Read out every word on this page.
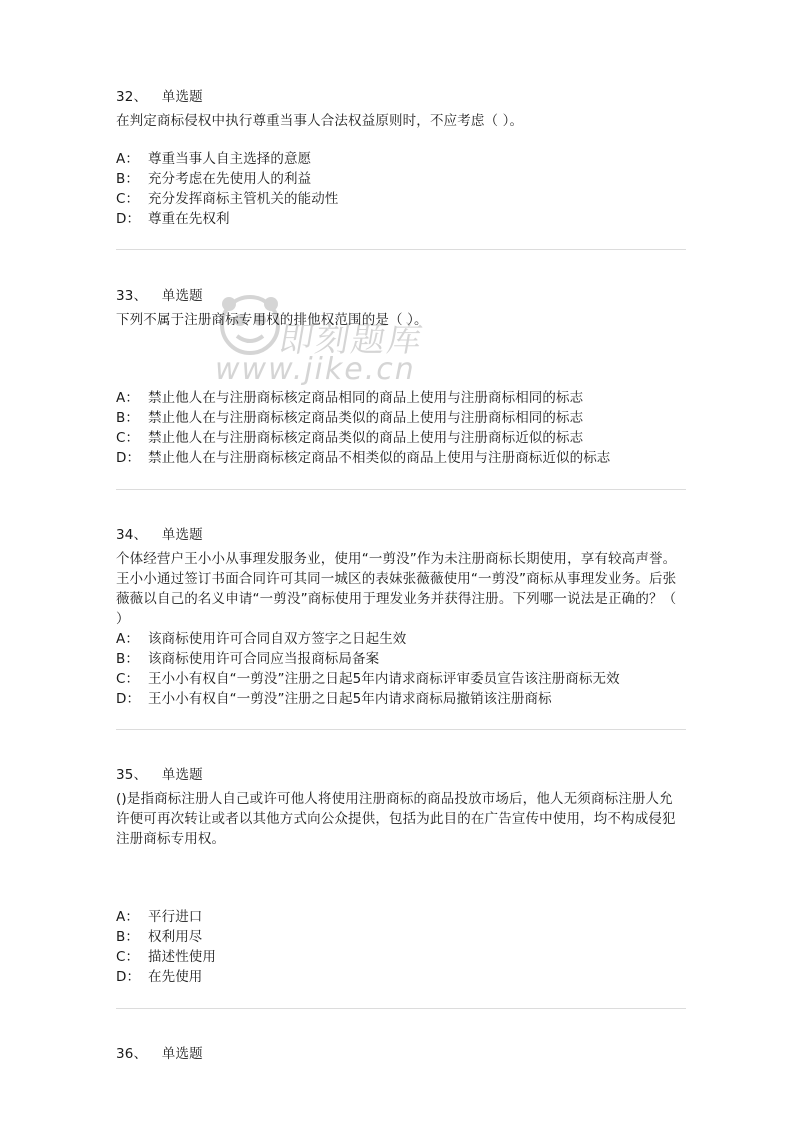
即刻题库
www.jike.cn
32、 单选题
在判定商标侵权中执行尊重当事人合法权益原则时，不应考虑（ ）。
A： 尊重当事人自主选择的意愿
B： 充分考虑在先使用人的利益
C： 充分发挥商标主管机关的能动性
D： 尊重在先权利
33、 单选题
下列不属于注册商标专用权的排他权范围的是（ ）。
A： 禁止他人在与注册商标核定商品相同的商品上使用与注册商标相同的标志
B： 禁止他人在与注册商标核定商品类似的商品上使用与注册商标相同的标志
C： 禁止他人在与注册商标核定商品类似的商品上使用与注册商标近似的标志
D： 禁止他人在与注册商标核定商品不相类似的商品上使用与注册商标近似的标志
34、 单选题
个体经营户王小小从事理发服务业，使用“一剪没”作为未注册商标长期使用，享有较高声誉。王小小通过签订书面合同许可其同一城区的表妹张薇薇使用“一剪没”商标从事理发业务。后张薇薇以自己的名义申请“一剪没”商标使用于理发业务并获得注册。下列哪一说法是正确的？（ ）
A： 该商标使用许可合同自双方签字之日起生效
B： 该商标使用许可合同应当报商标局备案
C： 王小小有权自“一剪没”注册之日起5年内请求商标评审委员宣告该注册商标无效
D： 王小小有权自“一剪没”注册之日起5年内请求商标局撤销该注册商标
35、 单选题
()是指商标注册人自己或许可他人将使用注册商标的商品投放市场后，他人无须商标注册人允许便可再次转让或者以其他方式向公众提供，包括为此目的在广告宣传中使用，均不构成侵犯注册商标专用权。
A： 平行进口
B： 权利用尽
C： 描述性使用
D： 在先使用
36、 单选题
